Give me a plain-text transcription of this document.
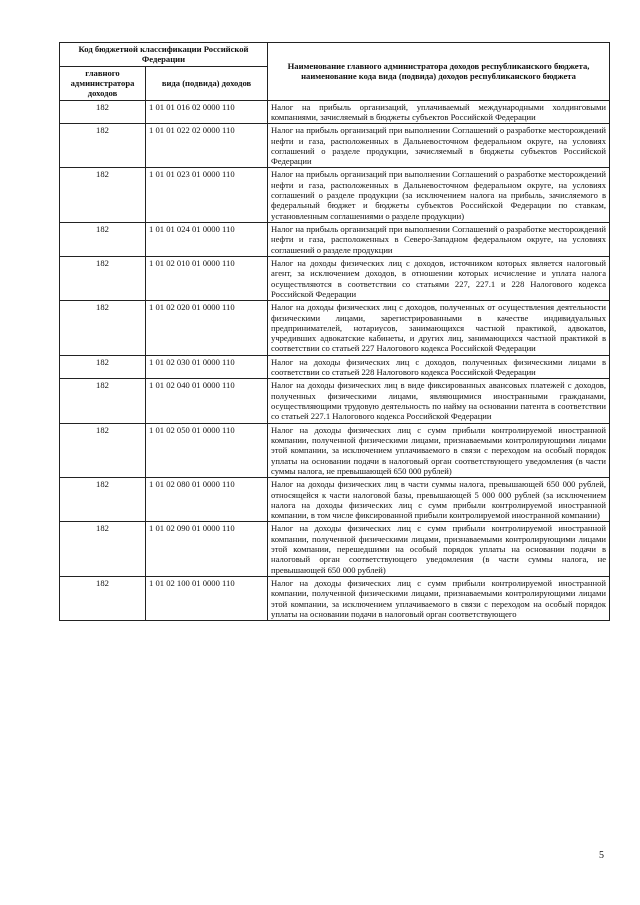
Код бюджетной классификации Российской Федерации		Наименование главного администратора доходов республиканского бюджета, наименование кода вида (подвида) доходов республиканского бюджета
главного администратора доходов	вида (подвида) доходов	
182	1 01 01 016 02 0000 110	Налог на прибыль организаций, уплачиваемый международными холдинговыми компаниями, зачисляемый в бюджеты субъектов Российской Федерации
182	1 01 01 022 02 0000 110	Налог на прибыль организаций при выполнении Соглашений о разработке месторождений нефти и газа, расположенных в Дальневосточном федеральном округе, на условиях соглашений о разделе продукции, зачисляемый в бюджеты субъектов Российской Федерации
182	1 01 01 023 01 0000 110	Налог на прибыль организаций при выполнении Соглашений о разработке месторождений нефти и газа, расположенных в Дальневосточном федеральном округе, на условиях соглашений о разделе продукции (за исключением налога на прибыль, зачисляемого в федеральный бюджет и бюджеты субъектов Российской Федерации по ставкам, установленным соглашениями о разделе продукции)
182	1 01 01 024 01 0000 110	Налог на прибыль организаций при выполнении Соглашений о разработке месторождений нефти и газа, расположенных в Северо-Западном федеральном округе, на условиях соглашений о разделе продукции
182	1 01 02 010 01 0000 110	Налог на доходы физических лиц с доходов, источником которых является налоговый агент, за исключением доходов, в отношении которых исчисление и уплата налога осуществляются в соответствии со статьями 227, 227.1 и 228 Налогового кодекса Российской Федерации
182	1 01 02 020 01 0000 110	Налог на доходы физических лиц с доходов, полученных от осуществления деятельности физическими лицами, зарегистрированными в качестве индивидуальных предпринимателей, нотариусов, занимающихся частной практикой, адвокатов, учредивших адвокатские кабинеты, и других лиц, занимающихся частной практикой в соответствии со статьей 227 Налогового кодекса Российской Федерации
182	1 01 02 030 01 0000 110	Налог на доходы физических лиц с доходов, полученных физическими лицами в соответствии со статьей 228 Налогового кодекса Российской Федерации
182	1 01 02 040 01 0000 110	Налог на доходы физических лиц в виде фиксированных авансовых платежей с доходов, полученных физическими лицами, являющимися иностранными гражданами, осуществляющими трудовую деятельность по найму на основании патента в соответствии со статьей 227.1 Налогового кодекса Российской Федерации
182	1 01 02 050 01 0000 110	Налог на доходы физических лиц с сумм прибыли контролируемой иностранной компании, полученной физическими лицами, признаваемыми контролирующими лицами этой компании, за исключением уплачиваемого в связи с переходом на особый порядок уплаты на основании подачи в налоговый орган соответствующего уведомления (в части суммы налога, не превышающей 650 000 рублей)
182	1 01 02 080 01 0000 110	Налог на доходы физических лиц в части суммы налога, превышающей 650 000 рублей, относящейся к части налоговой базы, превышающей 5 000 000 рублей (за исключением налога на доходы физических лиц с сумм прибыли контролируемой иностранной компании, в том числе фиксированной прибыли контролируемой иностранной компании)
182	1 01 02 090 01 0000 110	Налог на доходы физических лиц с сумм прибыли контролируемой иностранной компании, полученной физическими лицами, признаваемыми контролирующими лицами этой компании, перешедшими на особый порядок уплаты на основании подачи в налоговый орган соответствующего уведомления (в части суммы налога, не превышающей 650 000 рублей)
182	1 01 02 100 01 0000 110	Налог на доходы физических лиц с сумм прибыли контролируемой иностранной компании, полученной физическими лицами, признаваемыми контролирующими лицами этой компании, за исключением уплачиваемого в связи с переходом на особый порядок уплаты на основании подачи в налоговый орган соответствующего
5
